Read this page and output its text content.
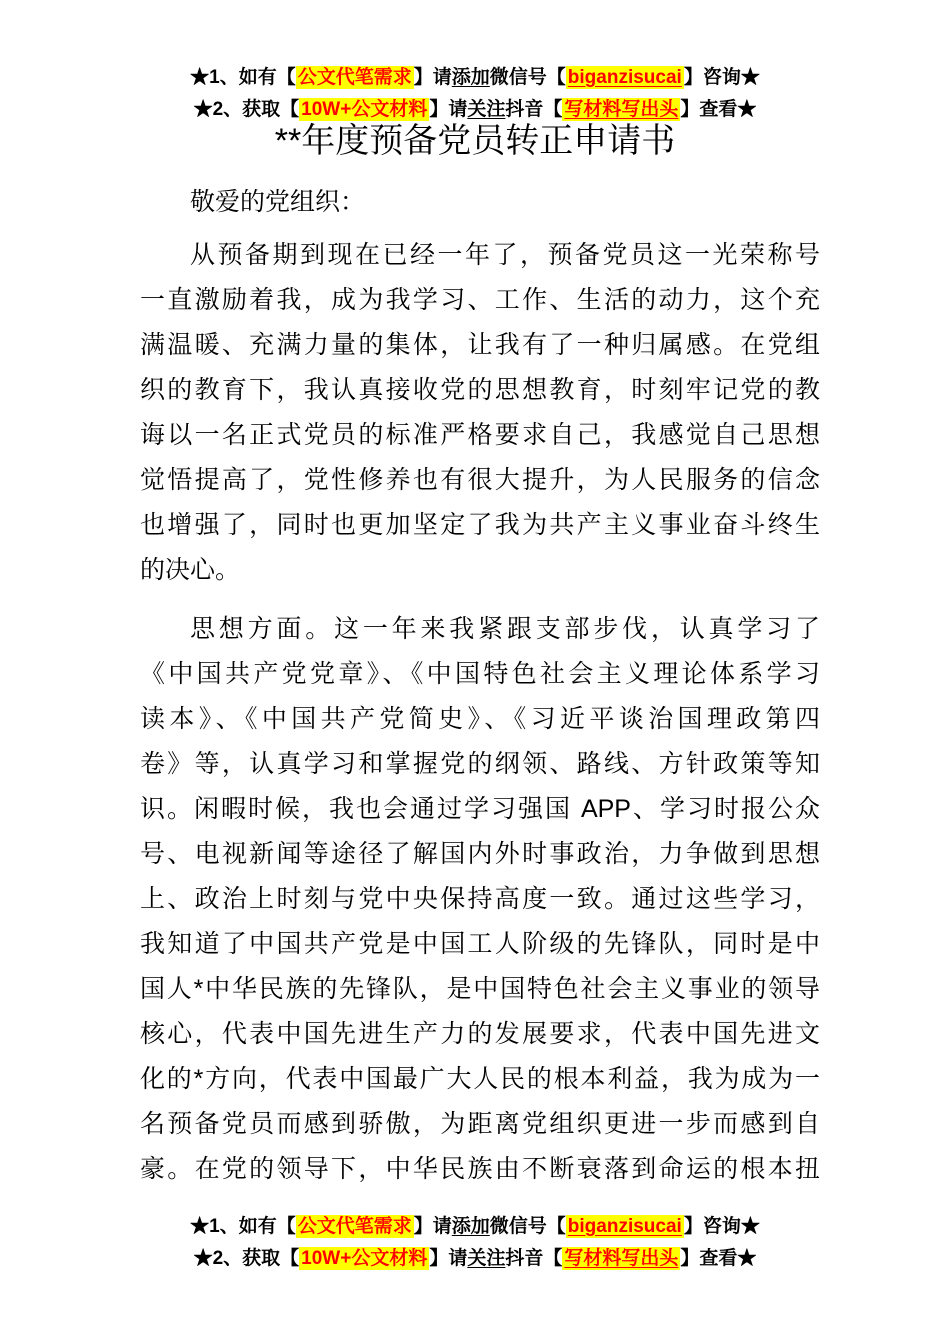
★1、如有【 公文代笔需求 】请添加微信号【 biganzisucai 】咨询★
★2、获取【 10W+公文材料 】请关注抖音【 写材料写出头 】查看★
**年度预备党员转正申请书
敬爱的党组织：
从预备期到现在已经一年了，预备党员这一光荣称号
一直激励着我，成为我学习、工作、生活的动力，这个充
满温暖、充满力量的集体，让我有了一种归属感。在党组
织的教育下，我认真接收党的思想教育，时刻牢记党的教
诲以一名正式党员的标准严格要求自己，我感觉自己思想
觉悟提高了，党性修养也有很大提升，为人民服务的信念
也增强了，同时也更加坚定了我为共产主义事业奋斗终生
的决心。
思想方面。这一年来我紧跟支部步伐，认真学习了
《中国共产党党章》、《中国特色社会主义理论体系学习
读本》、《中国共产党简史》、《习近平谈治国理政第四
卷》等，认真学习和掌握党的纲领、路线、方针政策等知
识。闲暇时候，我也会通过学习强国 APP、学习时报公众
号、电视新闻等途径了解国内外时事政治，力争做到思想
上、政治上时刻与党中央保持高度一致。通过这些学习，
我知道了中国共产党是中国工人阶级的先锋队，同时是中
国人*中华民族的先锋队，是中国特色社会主义事业的领导
核心，代表中国先进生产力的发展要求，代表中国先进文
化的*方向，代表中国最广大人民的根本利益，我为成为一
名预备党员而感到骄傲，为距离党组织更进一步而感到自
豪。在党的领导下，中华民族由不断衰落到命运的根本扭
★1、如有【 公文代笔需求 】请添加微信号【 biganzisucai 】咨询★
★2、获取【 10W+公文材料 】请关注抖音【 写材料写出头 】查看★
